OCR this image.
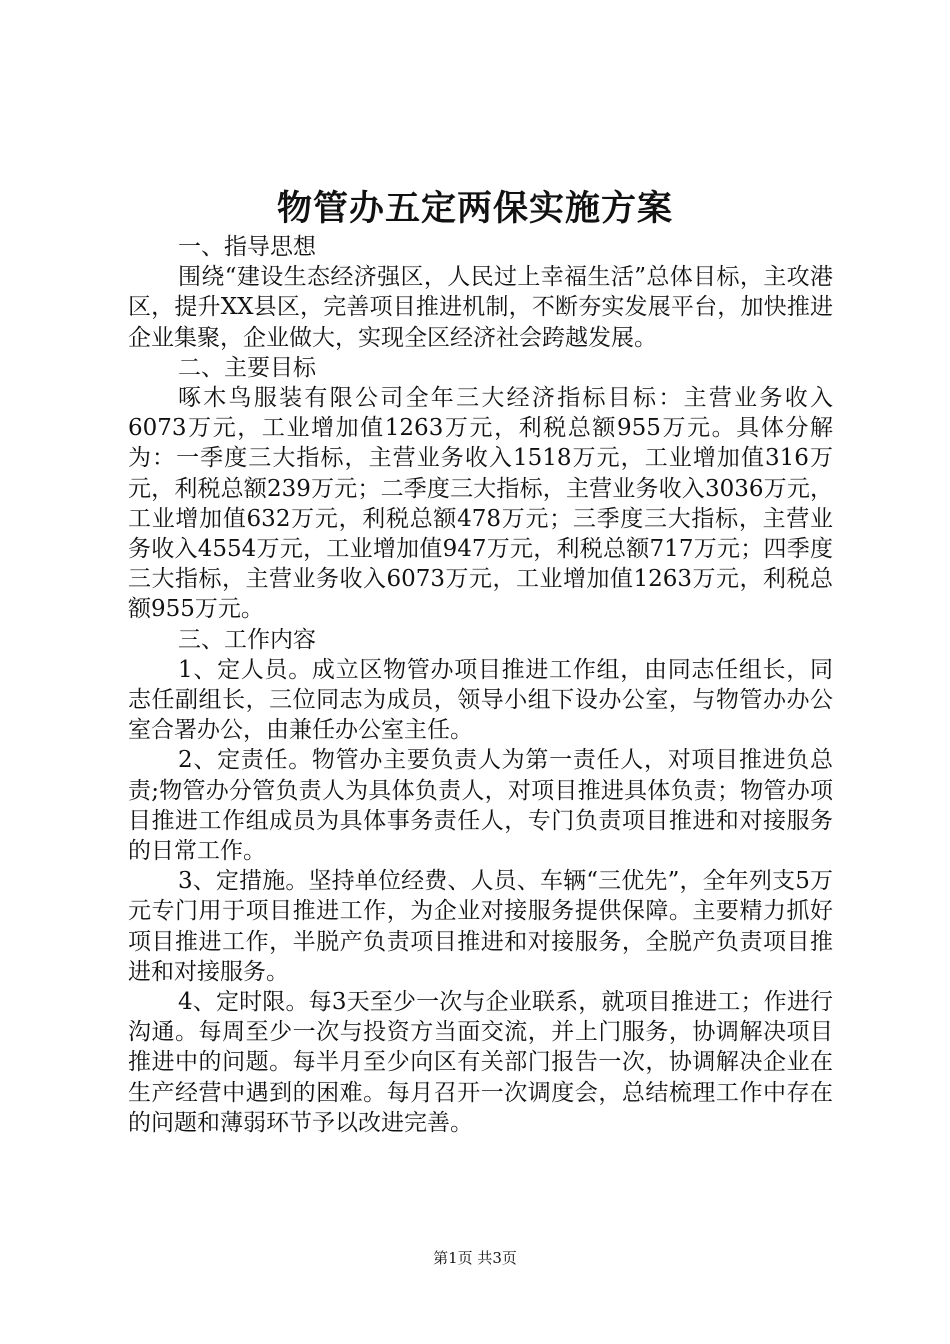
物管办五定两保实施方案

一、指导思想

围绕“建设生态经济强区，人民过上幸福生活”总体目标，主攻港区，提升XX县区，完善项目推进机制，不断夯实发展平台，加快推进企业集聚，企业做大，实现全区经济社会跨越发展。

二、主要目标

啄木鸟服装有限公司全年三大经济指标目标：主营业务收入6073万元，工业增加值1263万元，利税总额955万元。具体分解为：一季度三大指标，主营业务收入1518万元，工业增加值316万元，利税总额239万元；二季度三大指标，主营业务收入3036万元，工业增加值632万元，利税总额478万元；三季度三大指标，主营业务收入4554万元，工业增加值947万元，利税总额717万元；四季度三大指标，主营业务收入6073万元，工业增加值1263万元，利税总额955万元。

三、工作内容

1、定人员。成立区物管办项目推进工作组，由同志任组长，同志任副组长，三位同志为成员，领导小组下设办公室，与物管办办公室合署办公，由兼任办公室主任。

2、定责任。物管办主要负责人为第一责任人，对项目推进负总责;物管办分管负责人为具体负责人，对项目推进具体负责；物管办项目推进工作组成员为具体事务责任人，专门负责项目推进和对接服务的日常工作。

3、定措施。坚持单位经费、人员、车辆“三优先”，全年列支5万元专门用于项目推进工作，为企业对接服务提供保障。主要精力抓好项目推进工作，半脱产负责项目推进和对接服务，全脱产负责项目推进和对接服务。

4、定时限。每3天至少一次与企业联系，就项目推进工；作进行沟通。每周至少一次与投资方当面交流，并上门服务，协调解决项目推进中的问题。每半月至少向区有关部门报告一次，协调解决企业在生产经营中遇到的困难。每月召开一次调度会，总结梳理工作中存在的问题和薄弱环节予以改进完善。

第1页 共3页
